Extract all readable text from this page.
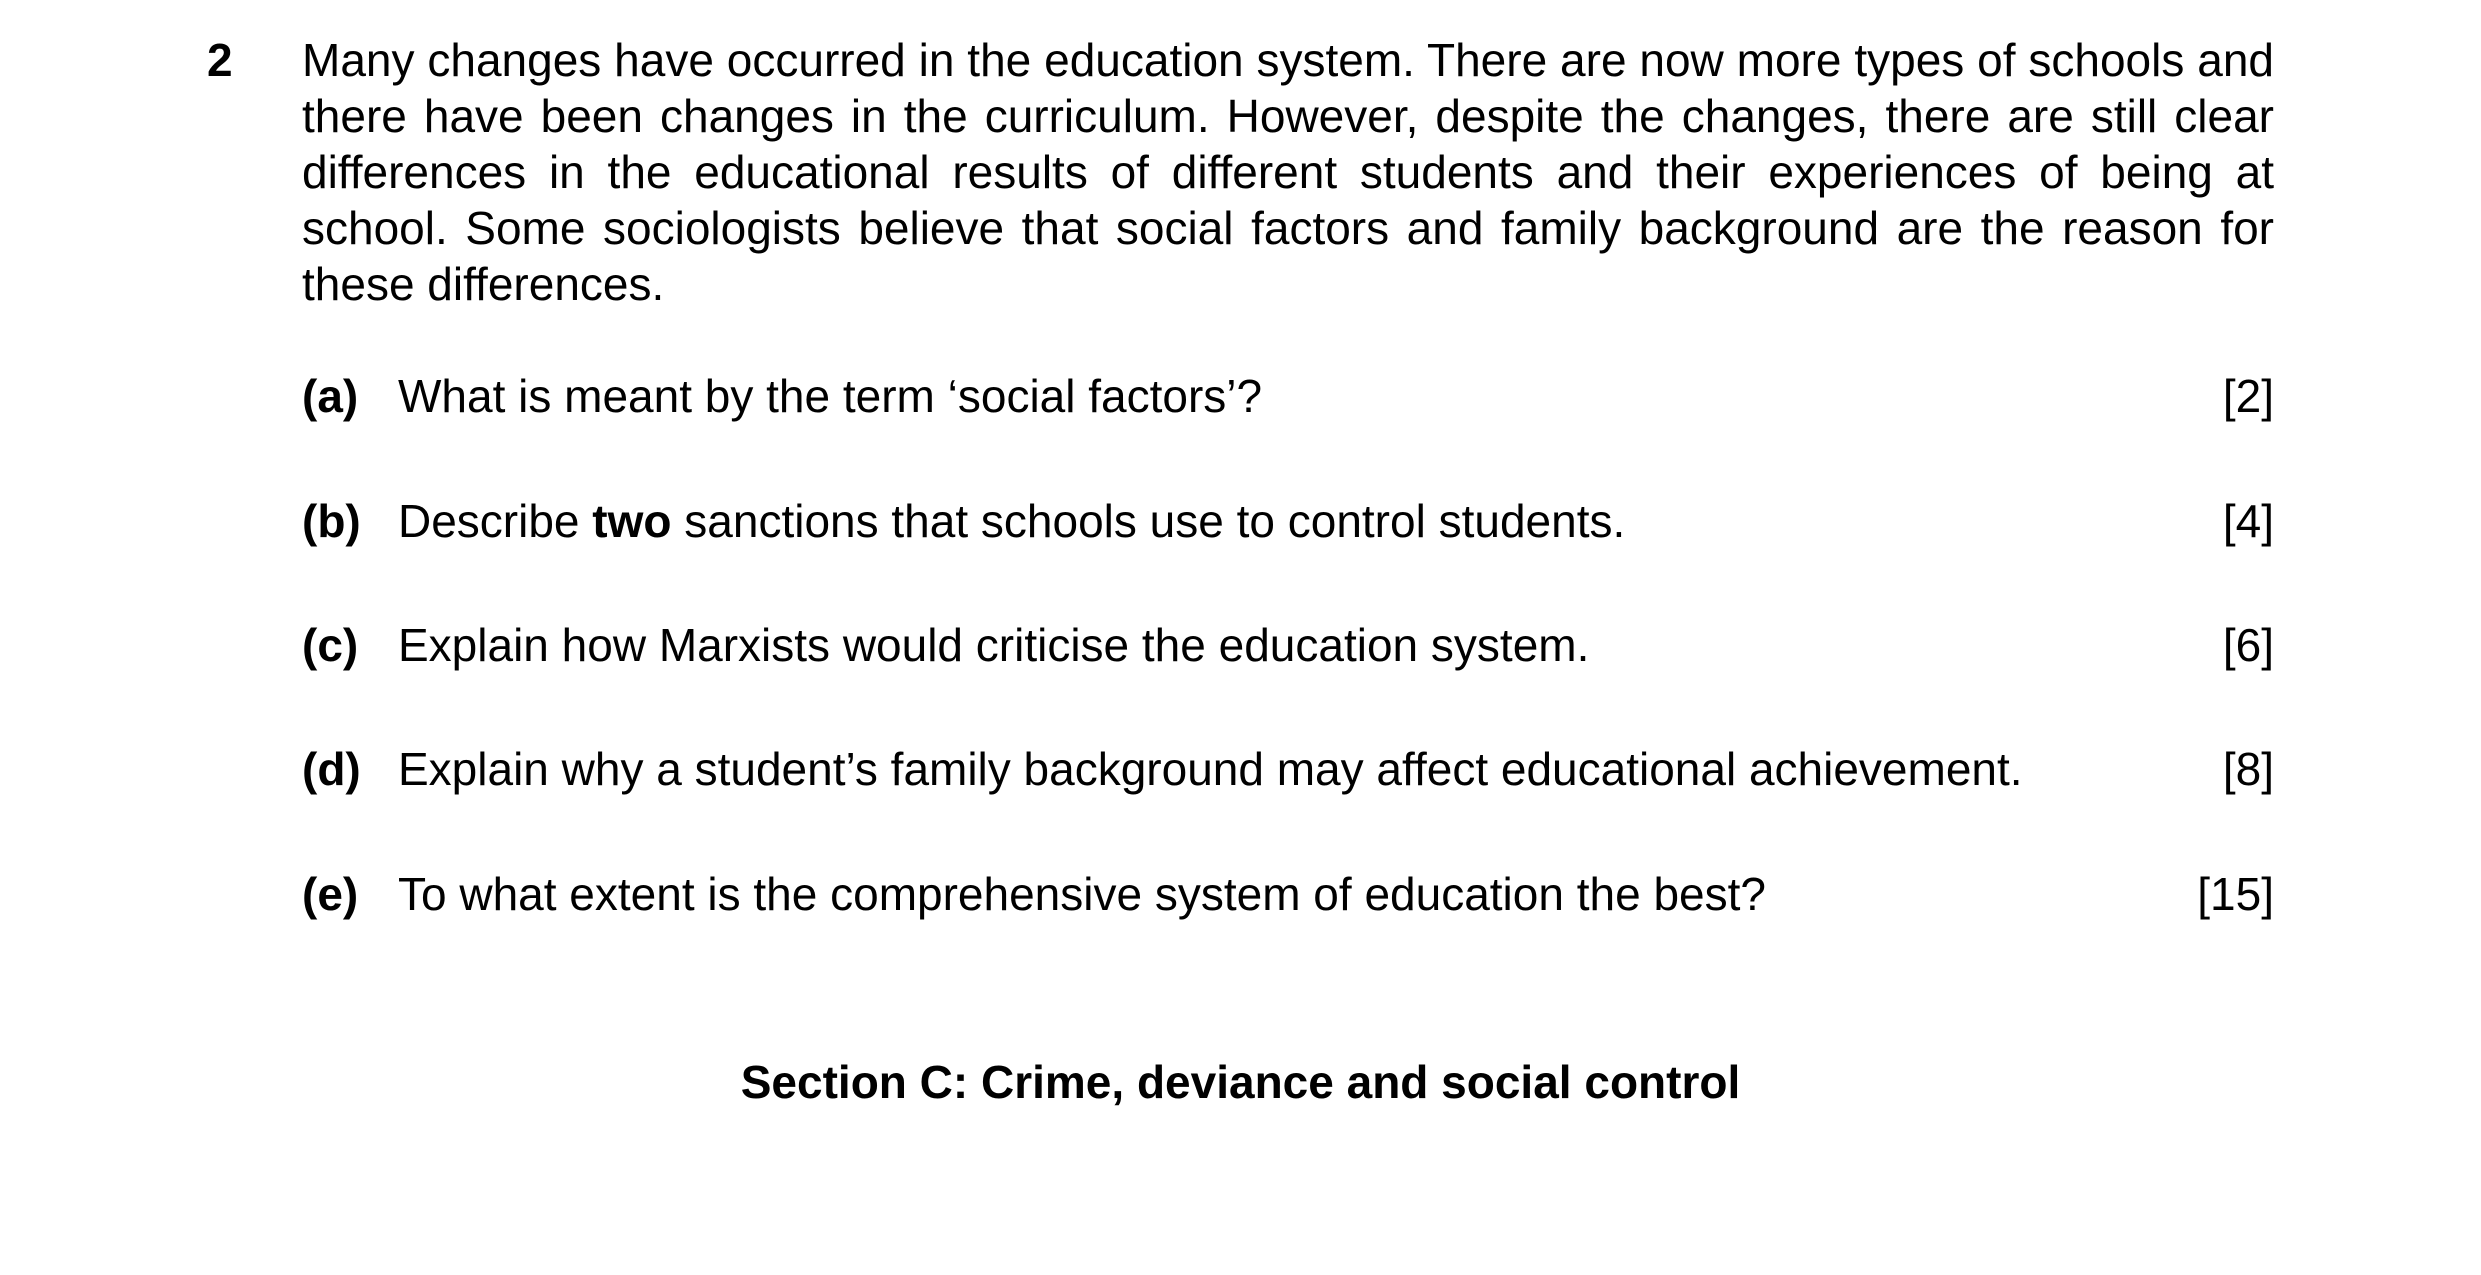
2 Many changes have occurred in the education system. There are now more types of schools and there have been changes in the curriculum. However, despite the changes, there are still clear differences in the educational results of different students and their experiences of being at school. Some sociologists believe that social factors and family background are the reason for these differences.
(a) What is meant by the term ‘social factors’?	[2]
(b) Describe two sanctions that schools use to control students.	[4]
(c) Explain how Marxists would criticise the education system.	[6]
(d) Explain why a student’s family background may affect educational achievement.	[8]
(e) To what extent is the comprehensive system of education the best?	[15]
Section C: Crime, deviance and social control
